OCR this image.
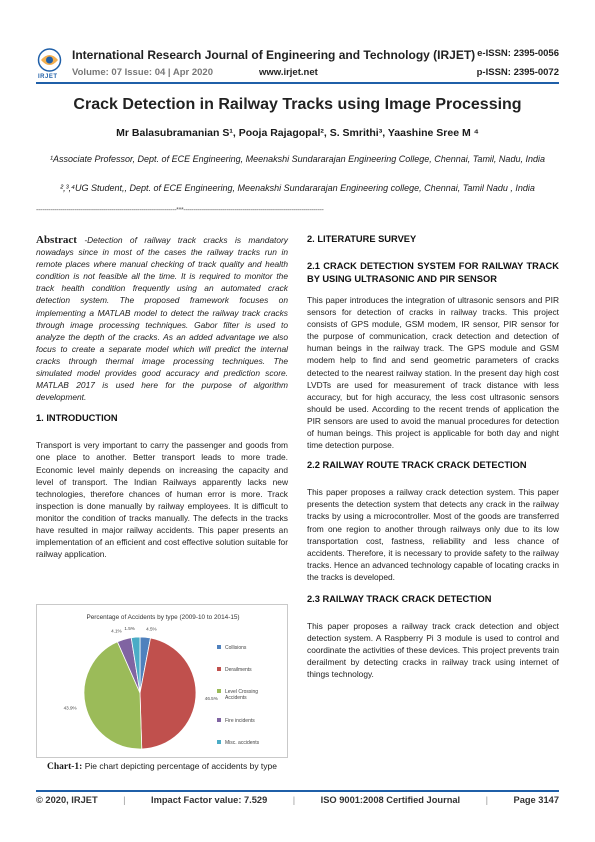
IRJET
International Research Journal of Engineering and Technology (IRJET)
Volume: 07 Issue: 04 | Apr 2020	www.irjet.net
e-ISSN: 2395-0056
p-ISSN: 2395-0072
Crack Detection in Railway Tracks using Image Processing
Mr Balasubramanian S¹, Pooja Rajagopal², S. Smrithi³, Yaashine Sree M ⁴
¹Associate Professor, Dept. of ECE Engineering, Meenakshi Sundararajan Engineering College, Chennai, Tamil, Nadu, India
²,³,⁴UG Student,, Dept. of ECE Engineering, Meenakshi Sundararajan Engineering college, Chennai, Tamil Nadu , India
---------------------------------------------------------------------***---------------------------------------------------------------------

Abstract -Detection of railway track cracks is mandatory nowadays since in most of the cases the railway tracks run in remote places where manual checking of track quality and health condition is not feasible all the time. It is required to monitor the track health condition frequently using an automated crack detection system. The proposed framework focuses on implementing a MATLAB model to detect the railway track cracks through image processing techniques. Gabor filter is used to analyze the depth of the cracks. As an added advantage we also focus to create a separate model which will predict the internal cracks through thermal image processing techniques. The simulated model provides good accuracy and prediction score. MATLAB 2017 is used here for the purpose of algorithm development.

1. INTRODUCTION

Transport is very important to carry the passenger and goods from one place to another. Better transport leads to more trade. Economic level mainly depends on increasing the capacity and level of transport. The Indian Railways apparently lacks new technologies, therefore chances of human error is more. Track inspection is done manually by railway employees. It is difficult to monitor the condition of tracks manually. The defects in the tracks have resulted in major railway accidents. This paper presents an implementation of an efficient and cost effective solution suitable for railway application.

Percentage of Accidents by type (2009-10 to 2014-15)
4.5%
46.5%
43.9%
4.1% 1.5%
Collisions
Derailments
Level Crossing Accidents
Fire incidents
Misc. accidents
Chart-1: Pie chart depicting percentage of accidents by type
2. LITERATURE SURVEY
2.1 CRACK DETECTION SYSTEM FOR RAILWAY TRACK BY USING ULTRASONIC AND PIR SENSOR

This paper introduces the integration of ultrasonic sensors and PIR sensors for detection of cracks in railway tracks. This project consists of GPS module, GSM modem, IR sensor, PIR sensor for the purpose of communication, crack detection and detection of human beings in the railway track. The GPS module and GSM modem help to find and send geometric parameters of cracks detected to the nearest railway station. In the present day high cost LVDTs are used for measurement of track distance with less accuracy, but for high accuracy, the less cost ultrasonic sensors should be used. According to the recent trends of application the PIR sensors are used to avoid the manual procedures for detection of human beings. This project is applicable for both day and night time detection purpose.

2.2 RAILWAY ROUTE TRACK CRACK DETECTION

This paper proposes a railway crack detection system. This paper presents the detection system that detects any crack in the railway tracks by using a microcontroller. Most of the goods are transferred from one region to another through railways only due to its low transportation cost, fastness, reliability and less chance of accidents. Therefore, it is necessary to provide safety to the railway tracks. Hence an advanced technology capable of locating cracks in the tracks is developed.

2.3 RAILWAY TRACK CRACK DETECTION

This paper proposes a railway track crack detection and object detection system. A Raspberry Pi 3 module is used to control and coordinate the activities of these devices. This project prevents train derailment by detecting cracks in railway track using internet of things technology.

© 2020, IRJET	|	Impact Factor value: 7.529	|	ISO 9001:2008 Certified Journal	|	Page 3147
